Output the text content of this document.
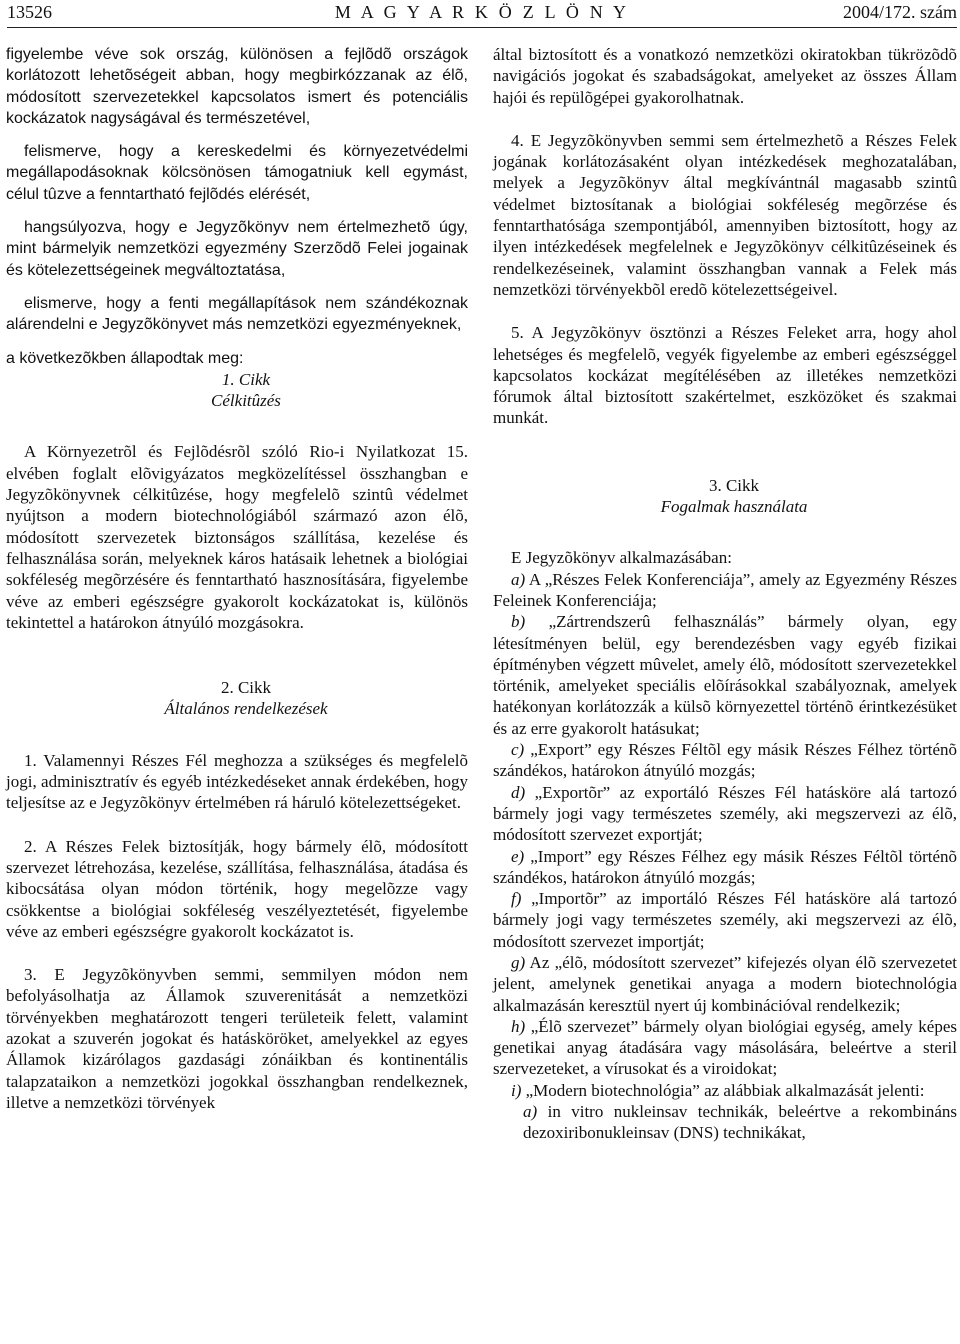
13526	M A G Y A R K Ö Z L Ö N Y	2004/172. szám

figyelembe véve sok ország, különösen a fejlõdõ országok korlátozott lehetõségeit abban, hogy megbirkózzanak az élõ, módosított szervezetekkel kapcsolatos ismert és potenciális kockázatok nagyságával és természetével,

felismerve, hogy a kereskedelmi és környezetvédelmi megállapodásoknak kölcsönösen támogatniuk kell egymást, célul tûzve a fenntartható fejlõdés elérését,

hangsúlyozva, hogy e Jegyzõkönyv nem értelmezhetõ úgy, mint bármelyik nemzetközi egyezmény Szerzõdõ Felei jogainak és kötelezettségeinek megváltoztatása,

elismerve, hogy a fenti megállapítások nem szándékoznak alárendelni e Jegyzõkönyvet más nemzetközi egyezményeknek,

a következõkben állapodtak meg:

1. Cikk

Célkitûzés

A Környezetrõl és Fejlõdésrõl szóló Rio-i Nyilatkozat 15. elvében foglalt elõvigyázatos megközelítéssel összhangban e Jegyzõkönyvnek célkitûzése, hogy megfelelõ szintû védelmet nyújtson a modern biotechnológiából származó azon élõ, módosított szervezetek biztonságos szállítása, kezelése és felhasználása során, melyeknek káros hatásaik lehetnek a biológiai sokféleség megõrzésére és fenntartható hasznosítására, figyelembe véve az emberi egészségre gyakorolt kockázatokat is, különös tekintettel a határokon átnyúló mozgásokra.

2. Cikk

Általános rendelkezések

1. Valamennyi Részes Fél meghozza a szükséges és megfelelõ jogi, adminisztratív és egyéb intézkedéseket annak érdekében, hogy teljesítse az e Jegyzõkönyv értelmében rá háruló kötelezettségeket.

2. A Részes Felek biztosítják, hogy bármely élõ, módosított szervezet létrehozása, kezelése, szállítása, felhasználása, átadása és kibocsátása olyan módon történik, hogy megelõzze vagy csökkentse a biológiai sokféleség veszélyeztetését, figyelembe véve az emberi egészségre gyakorolt kockázatot is.

3. E Jegyzõkönyvben semmi, semmilyen módon nem befolyásolhatja az Államok szuverenitását a nemzetközi törvényekben meghatározott tengeri területeik felett, valamint azokat a szuverén jogokat és hatásköröket, amelyekkel az egyes Államok kizárólagos gazdasági zónáikban és kontinentális talapzataikon a nemzetközi jogokkal összhangban rendelkeznek, illetve a nemzetközi törvények

által biztosított és a vonatkozó nemzetközi okiratokban tükrözõdõ navigációs jogokat és szabadságokat, amelyeket az összes Állam hajói és repülõgépei gyakorolhatnak.

4. E Jegyzõkönyvben semmi sem értelmezhetõ a Részes Felek jogának korlátozásaként olyan intézkedések meghozatalában, melyek a Jegyzõkönyv által megkívántnál magasabb szintû védelmet biztosítanak a biológiai sokféleség megõrzése és fenntarthatósága szempontjából, amennyiben biztosított, hogy az ilyen intézkedések megfelelnek e Jegyzõkönyv célkitûzéseinek és rendelkezéseinek, valamint összhangban vannak a Felek más nemzetközi törvényekbõl eredõ kötelezettségeivel.

5. A Jegyzõkönyv ösztönzi a Részes Feleket arra, hogy ahol lehetséges és megfelelõ, vegyék figyelembe az emberi egészséggel kapcsolatos kockázat megítélésében az illetékes nemzetközi fórumok által biztosított szakértelmet, eszközöket és szakmai munkát.

3. Cikk

Fogalmak használata

E Jegyzõkönyv alkalmazásában:

a) A „Részes Felek Konferenciája”, amely az Egyezmény Részes Feleinek Konferenciája;

b) „Zártrendszerû felhasználás” bármely olyan, egy létesítményen belül, egy berendezésben vagy egyéb fizikai építményben végzett mûvelet, amely élõ, módosított szervezetekkel történik, amelyeket speciális elõírásokkal szabályoznak, amelyek hatékonyan korlátozzák a külsõ környezettel történõ érintkezésüket és az erre gyakorolt hatásukat;

c) „Export” egy Részes Féltõl egy másik Részes Félhez történõ szándékos, határokon átnyúló mozgás;

d) „Exportõr” az exportáló Részes Fél hatásköre alá tartozó bármely jogi vagy természetes személy, aki megszervezi az élõ, módosított szervezet exportját;

e) „Import” egy Részes Félhez egy másik Részes Féltõl történõ szándékos, határokon átnyúló mozgás;

f) „Importõr” az importáló Részes Fél hatásköre alá tartozó bármely jogi vagy természetes személy, aki megszervezi az élõ, módosított szervezet importját;

g) Az „élõ, módosított szervezet” kifejezés olyan élõ szervezetet jelent, amelynek genetikai anyaga a modern biotechnológia alkalmazásán keresztül nyert új kombinációval rendelkezik;

h) „Élõ szervezet” bármely olyan biológiai egység, amely képes genetikai anyag átadására vagy másolására, beleértve a steril szervezeteket, a vírusokat és a viroidokat;

i) „Modern biotechnológia” az alábbiak alkalmazását jelenti:

a) in vitro nukleinsav technikák, beleértve a rekombináns dezoxiribonukleinsav (DNS) technikákat,
